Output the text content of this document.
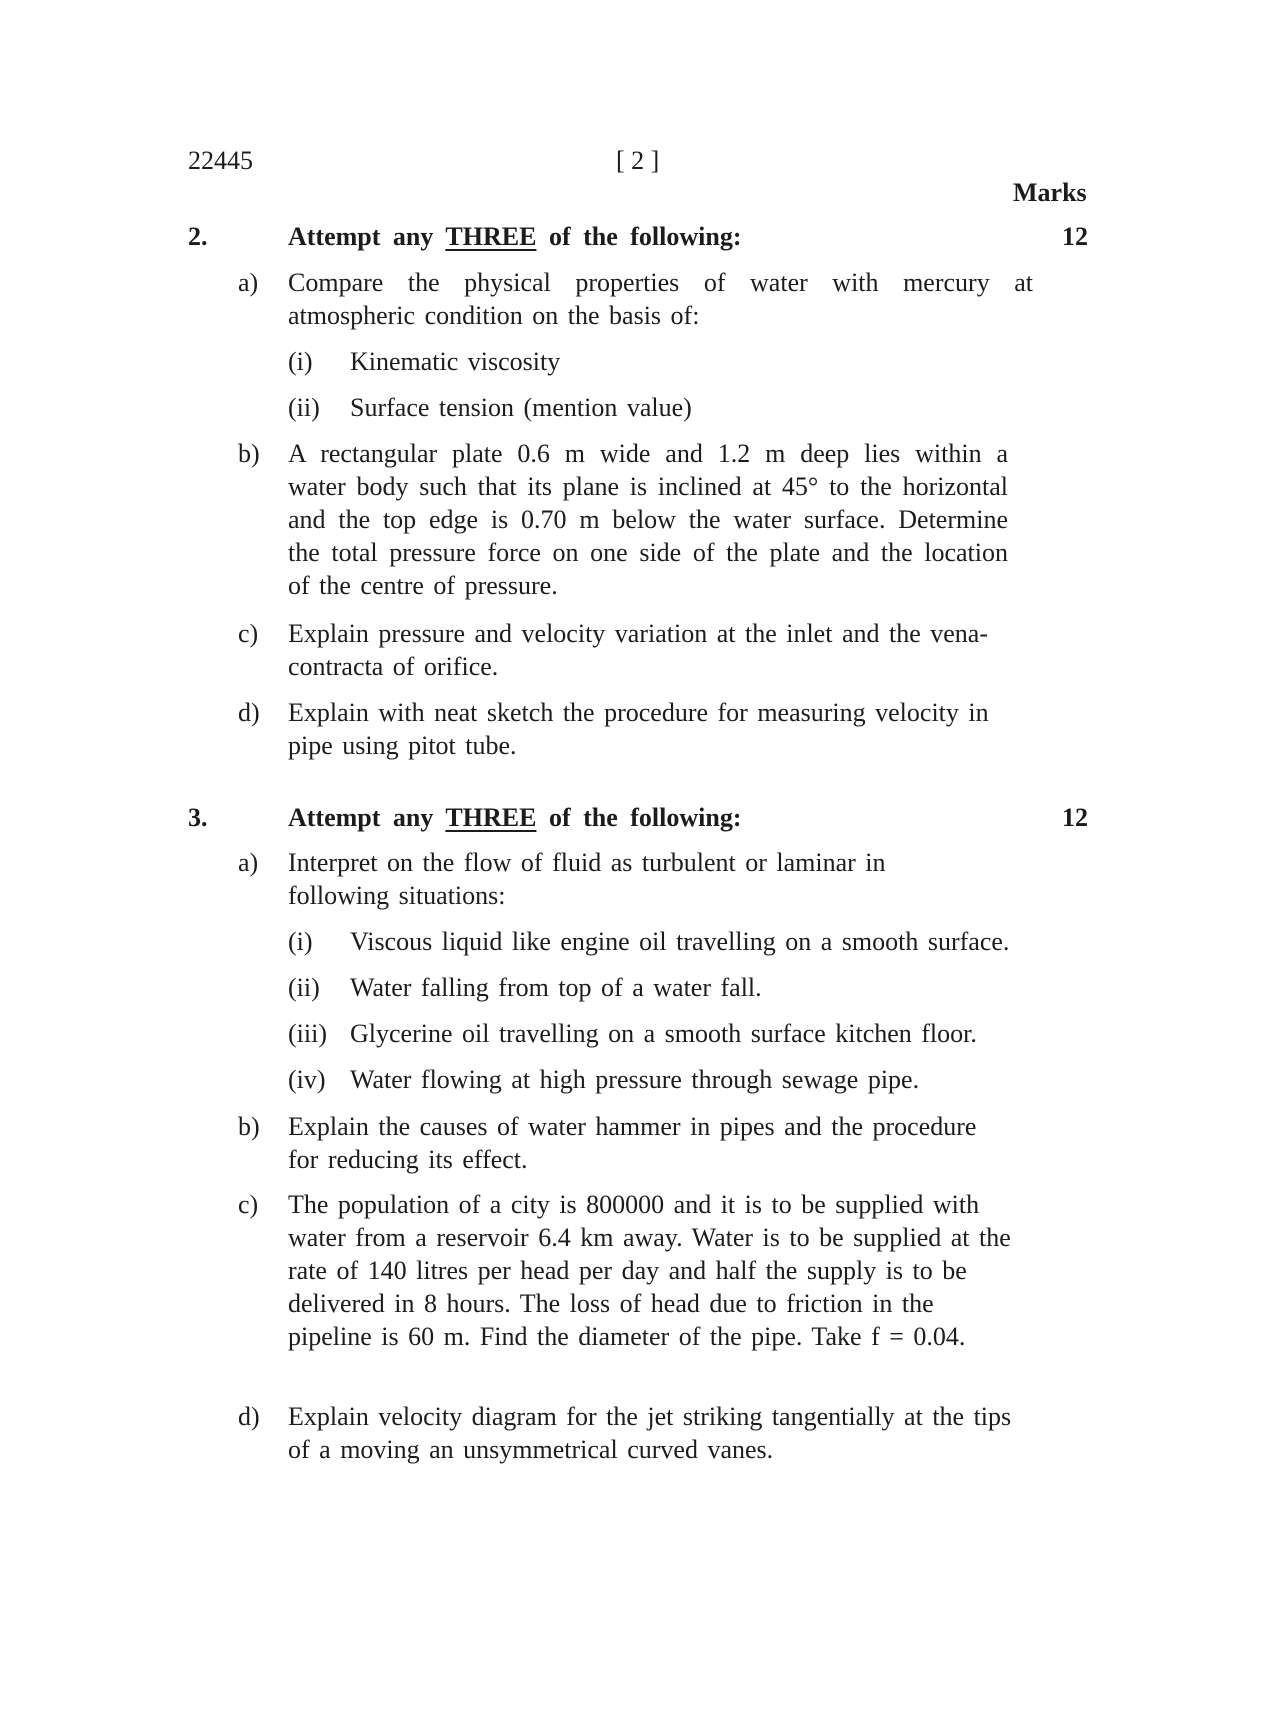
22445	[ 2 ]
Marks
2.	Attempt any THREE of the following:	12
a) Compare the physical properties of water with mercury at atmospheric condition on the basis of:
(i) Kinematic viscosity
(ii) Surface tension (mention value)
b) A rectangular plate 0.6 m wide and 1.2 m deep lies within a water body such that its plane is inclined at 45° to the horizontal and the top edge is 0.70 m below the water surface. Determine the total pressure force on one side of the plate and the location of the centre of pressure.
c) Explain pressure and velocity variation at the inlet and the vena-contracta of orifice.
d) Explain with neat sketch the procedure for measuring velocity in pipe using pitot tube.
3.	Attempt any THREE of the following:	12
a) Interpret on the flow of fluid as turbulent or laminar in following situations:
(i) Viscous liquid like engine oil travelling on a smooth surface.
(ii) Water falling from top of a water fall.
(iii) Glycerine oil travelling on a smooth surface kitchen floor.
(iv) Water flowing at high pressure through sewage pipe.
b) Explain the causes of water hammer in pipes and the procedure for reducing its effect.
c) The population of a city is 800000 and it is to be supplied with water from a reservoir 6.4 km away. Water is to be supplied at the rate of 140 litres per head per day and half the supply is to be delivered in 8 hours. The loss of head due to friction in the pipeline is 60 m. Find the diameter of the pipe. Take f = 0.04.
d) Explain velocity diagram for the jet striking tangentially at the tips of a moving an unsymmetrical curved vanes.
